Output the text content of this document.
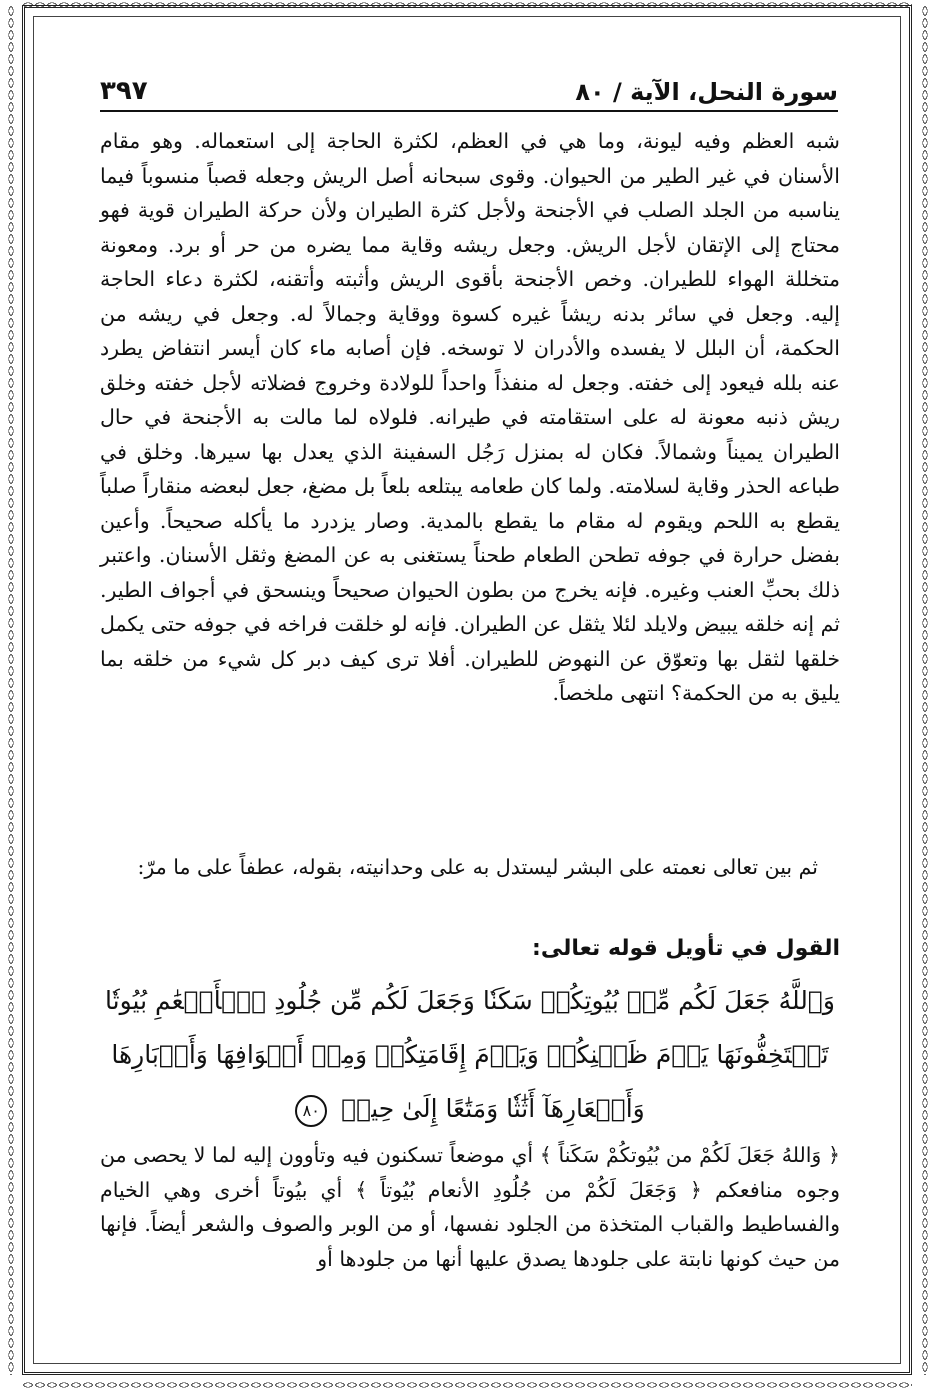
سورة النحل، الآية / ٨٠
٣٩٧

شبه العظم وفيه ليونة، وما هي في العظم، لكثرة الحاجة إلى استعماله. وهو مقام الأسنان في غير الطير من الحيوان. وقوى سبحانه أصل الريش وجعله قصباً منسوباً فيما يناسبه من الجلد الصلب في الأجنحة ولأجل كثرة الطيران ولأن حركة الطيران قوية فهو محتاج إلى الإتقان لأجل الريش. وجعل ريشه وقاية مما يضره من حر أو برد. ومعونة متخللة الهواء للطيران. وخص الأجنحة بأقوى الريش وأثبته وأتقنه، لكثرة دعاء الحاجة إليه. وجعل في سائر بدنه ريشاً غيره كسوة ووقاية وجمالاً له. وجعل في ريشه من الحكمة، أن البلل لا يفسده والأدران لا توسخه. فإن أصابه ماء كان أيسر انتفاض يطرد عنه بلله فيعود إلى خفته. وجعل له منفذاً واحداً للولادة وخروج فضلاته لأجل خفته وخلق ريش ذنبه معونة له على استقامته في طيرانه. فلولاه لما مالت به الأجنحة في حال الطيران يميناً وشمالاً. فكان له بمنزل رَجُل السفينة الذي يعدل بها سيرها. وخلق في طباعه الحذر وقاية لسلامته. ولما كان طعامه يبتلعه بلعاً بل مضغ، جعل لبعضه منقاراً صلباً يقطع به اللحم ويقوم له مقام ما يقطع بالمدية. وصار يزدرد ما يأكله صحيحاً. وأعين بفضل حرارة في جوفه تطحن الطعام طحناً يستغنى به عن المضغ وثقل الأسنان. واعتبر ذلك بحبِّ العنب وغيره. فإنه يخرج من بطون الحيوان صحيحاً وينسحق في أجواف الطير. ثم إنه خلقه يبيض ولايلد لئلا يثقل عن الطيران. فإنه لو خلقت فراخه في جوفه حتى يكمل خلقها لثقل بها وتعوّق عن النهوض للطيران. أفلا ترى كيف دبر كل شيء من خلقه بما يليق به من الحكمة؟ انتهى ملخصاً.

ثم بين تعالى نعمته على البشر ليستدل به على وحدانيته، بقوله، عطفاً على ما مرّ:

القول في تأويل قوله تعالى:

وَٱللَّهُ جَعَلَ لَكُم مِّنۢ بُيُوتِكُمۡ سَكَنٗا وَجَعَلَ لَكُم مِّن جُلُودِ ٱلۡأَنۡعَٰمِ بُيُوتٗا
تَسۡتَخِفُّونَهَا يَوۡمَ ظَعۡنِكُمۡ وَيَوۡمَ إِقَامَتِكُمۡ وَمِنۡ أَصۡوَافِهَا وَأَوۡبَارِهَا
وَأَشۡعَارِهَآ أَثَٰثٗا وَمَتَٰعًا إِلَىٰ حِينٖ ٨٠

﴿ وَاللهُ جَعَلَ لَكُمْ من بُيُوتكُمْ سَكَناً ﴾ أي موضعاً تسكنون فيه وتأوون إليه لما لا يحصى من وجوه منافعكم ﴿ وَجَعَلَ لَكُمْ من جُلُودِ الأنعام بُيُوتاً ﴾ أي بيُوتاً أخرى وهي الخيام والفساطيط والقباب المتخذة من الجلود نفسها، أو من الوبر والصوف والشعر أيضاً. فإنها من حيث كونها نابتة على جلودها يصدق عليها أنها من جلودها أو
